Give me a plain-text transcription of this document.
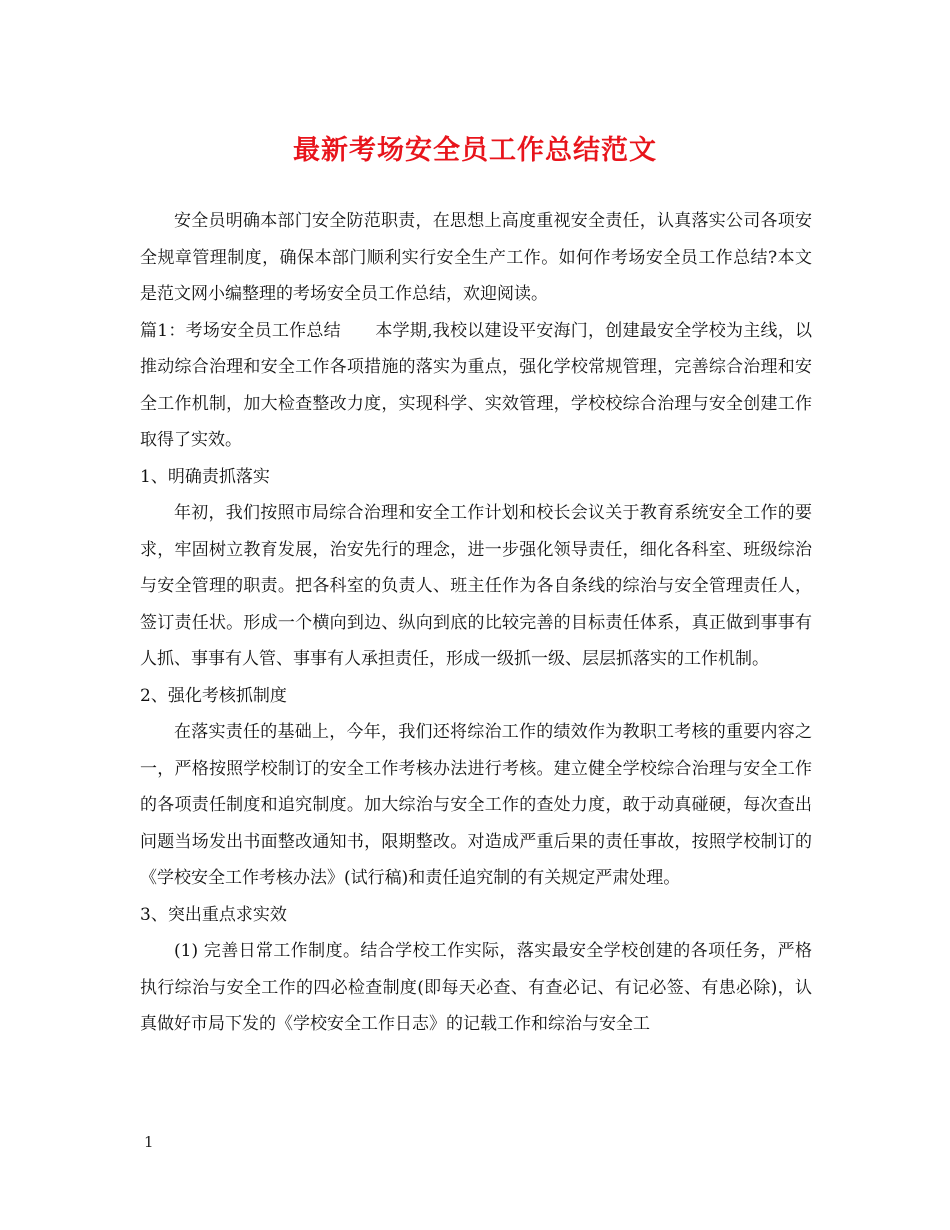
最新考场安全员工作总结范文

安全员明确本部门安全防范职责，在思想上高度重视安全责任，认真落实公司各项安全规章管理制度，确保本部门顺利实行安全生产工作。如何作考场安全员工作总结?本文是范文网小编整理的考场安全员工作总结，欢迎阅读。

篇1：考场安全员工作总结　　本学期,我校以建设平安海门，创建最安全学校为主线，以推动综合治理和安全工作各项措施的落实为重点，强化学校常规管理，完善综合治理和安全工作机制，加大检查整改力度，实现科学、实效管理，学校校综合治理与安全创建工作取得了实效。

1、明确责抓落实

年初，我们按照市局综合治理和安全工作计划和校长会议关于教育系统安全工作的要求，牢固树立教育发展，治安先行的理念，进一步强化领导责任，细化各科室、班级综治与安全管理的职责。把各科室的负责人、班主任作为各自条线的综治与安全管理责任人，签订责任状。形成一个横向到边、纵向到底的比较完善的目标责任体系，真正做到事事有人抓、事事有人管、事事有人承担责任，形成一级抓一级、层层抓落实的工作机制。

2、强化考核抓制度

在落实责任的基础上，今年，我们还将综治工作的绩效作为教职工考核的重要内容之一，严格按照学校制订的安全工作考核办法进行考核。建立健全学校综合治理与安全工作的各项责任制度和追究制度。加大综治与安全工作的查处力度，敢于动真碰硬，每次查出问题当场发出书面整改通知书，限期整改。对造成严重后果的责任事故，按照学校制订的《学校安全工作考核办法》(试行稿)和责任追究制的有关规定严肃处理。

3、突出重点求实效

(1) 完善日常工作制度。结合学校工作实际，落实最安全学校创建的各项任务，严格执行综治与安全工作的四必检查制度(即每天必查、有查必记、有记必签、有患必除)，认真做好市局下发的《学校安全工作日志》的记载工作和综治与安全工

1
